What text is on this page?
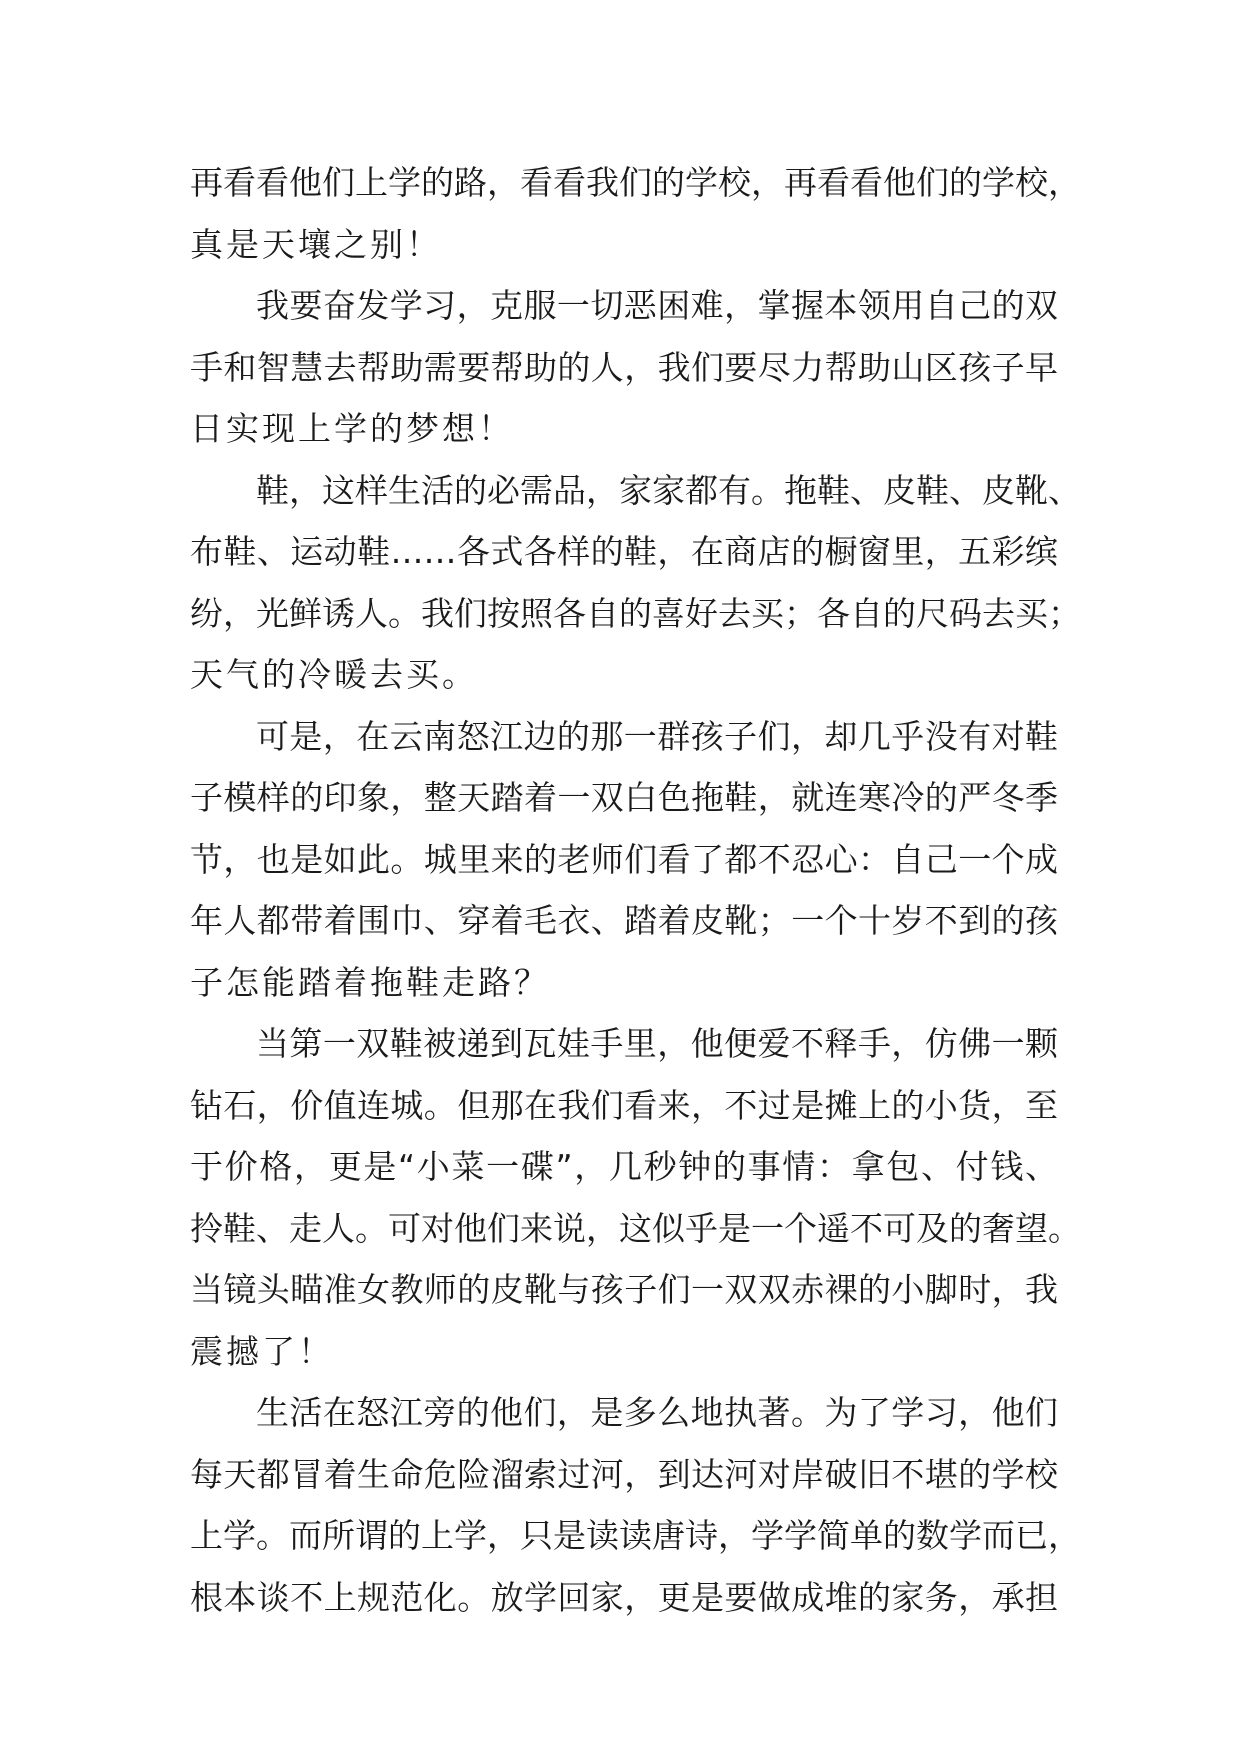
再看看他们上学的路，看看我们的学校，再看看他们的学校，
真是天壤之别！
我要奋发学习，克服一切恶困难，掌握本领用自己的双
手和智慧去帮助需要帮助的人，我们要尽力帮助山区孩子早
日实现上学的梦想！
鞋，这样生活的必需品，家家都有。拖鞋、皮鞋、皮靴、
布鞋、运动鞋……各式各样的鞋，在商店的橱窗里，五彩缤
纷，光鲜诱人。我们按照各自的喜好去买；各自的尺码去买；
天气的冷暖去买。
可是，在云南怒江边的那一群孩子们，却几乎没有对鞋
子模样的印象，整天踏着一双白色拖鞋，就连寒冷的严冬季
节，也是如此。城里来的老师们看了都不忍心：自己一个成
年人都带着围巾、穿着毛衣、踏着皮靴；一个十岁不到的孩
子怎能踏着拖鞋走路？
当第一双鞋被递到瓦娃手里，他便爱不释手，仿佛一颗
钻石，价值连城。但那在我们看来，不过是摊上的小货，至
于价格，更是“小菜一碟”，几秒钟的事情：拿包、付钱、
拎鞋、走人。可对他们来说，这似乎是一个遥不可及的奢望。
当镜头瞄准女教师的皮靴与孩子们一双双赤裸的小脚时，我
震撼了！
生活在怒江旁的他们，是多么地执著。为了学习，他们
每天都冒着生命危险溜索过河，到达河对岸破旧不堪的学校
上学。而所谓的上学，只是读读唐诗，学学简单的数学而已，
根本谈不上规范化。放学回家，更是要做成堆的家务，承担
